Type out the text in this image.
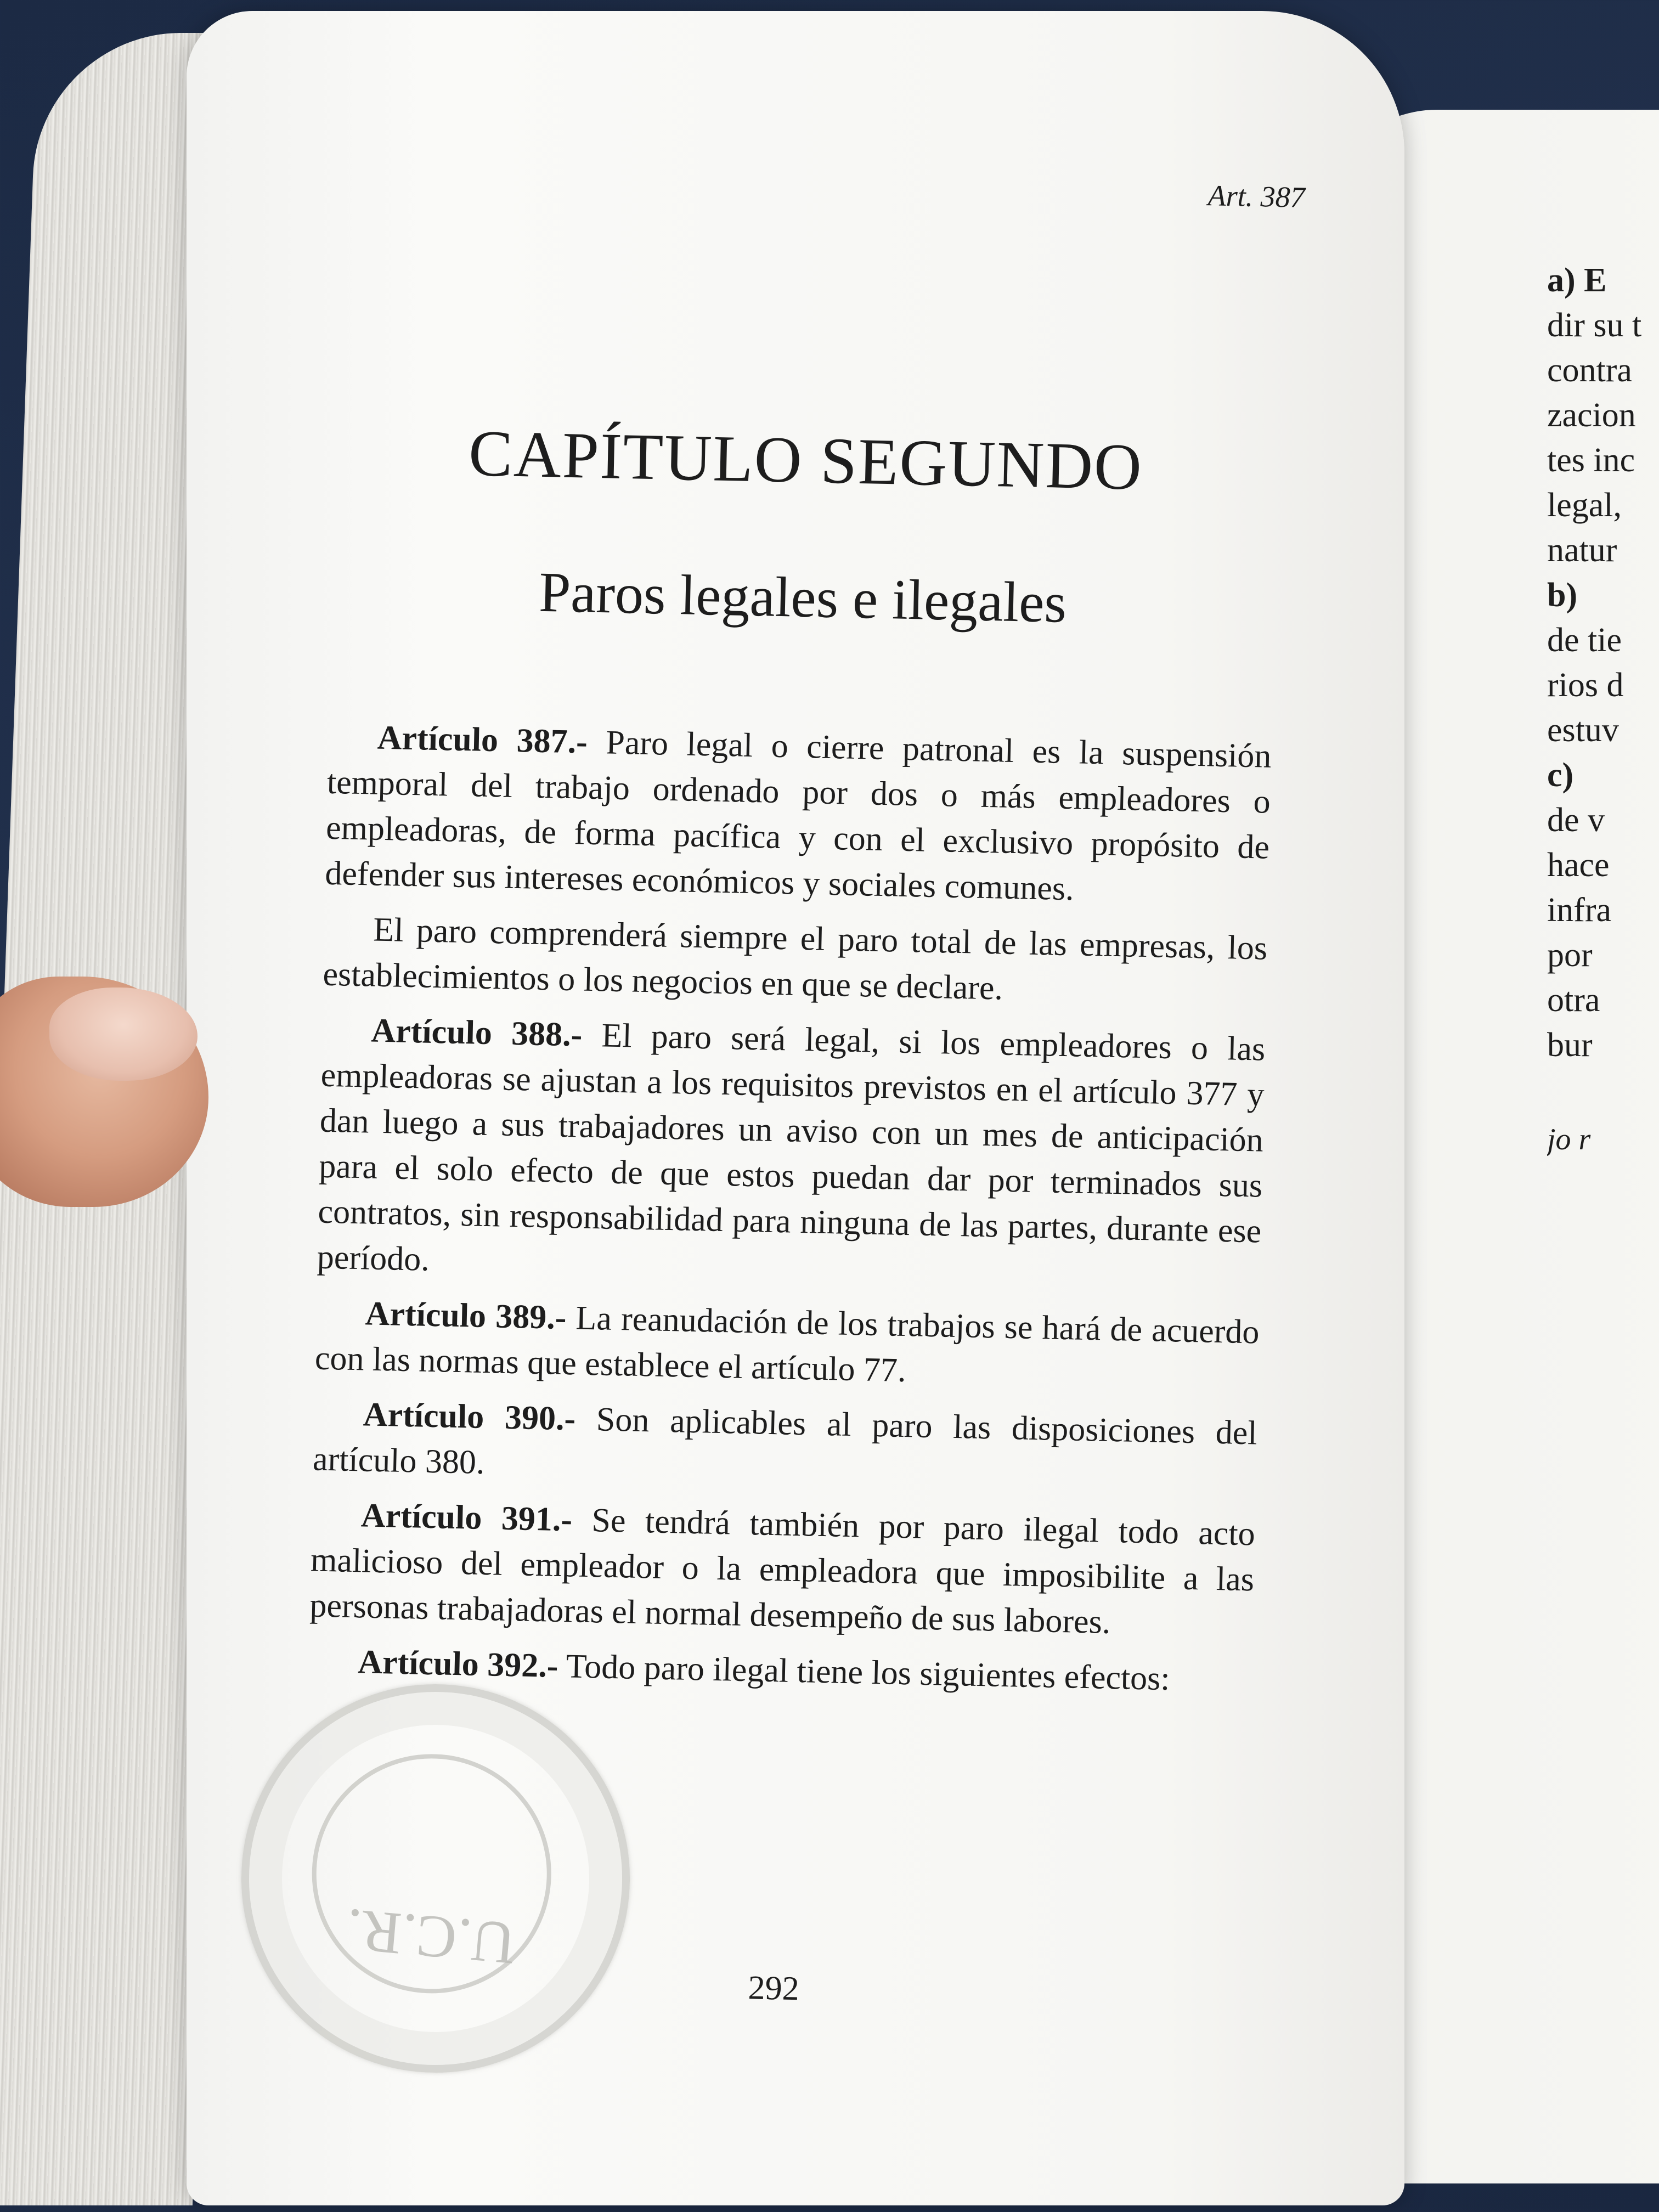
Art. 387
CAPÍTULO SEGUNDO
Paros legales e ilegales

Artículo 387.- Paro legal o cierre patronal es la suspensión temporal del trabajo ordenado por dos o más empleadores o empleadoras, de forma pacífica y con el exclusivo propósito de defender sus intereses económicos y sociales comunes.

El paro comprenderá siempre el paro total de las empresas, los establecimientos o los negocios en que se declare.

Artículo 388.- El paro será legal, si los empleadores o las empleadoras se ajustan a los requisitos previstos en el artículo 377 y dan luego a sus trabajadores un aviso con un mes de anticipación para el solo efecto de que estos puedan dar por terminados sus contratos, sin responsabilidad para ninguna de las partes, durante ese período.

Artículo 389.- La reanudación de los trabajos se hará de acuerdo con las normas que establece el artículo 77.

Artículo 390.- Son aplicables al paro las disposiciones del artículo 380.

Artículo 391.- Se tendrá también por paro ilegal todo acto malicioso del empleador o la empleadora que imposibilite a las personas trabajadoras el normal desempeño de sus labores.

Artículo 392.- Todo paro ilegal tiene los siguientes efectos:

292
U.C.R.
a) E
dir su t
contra
zacion
tes inc
legal,
natur
b)
de tie
rios d
estuv
c)
de v
hace
infra
por
otra
bur
jo r
